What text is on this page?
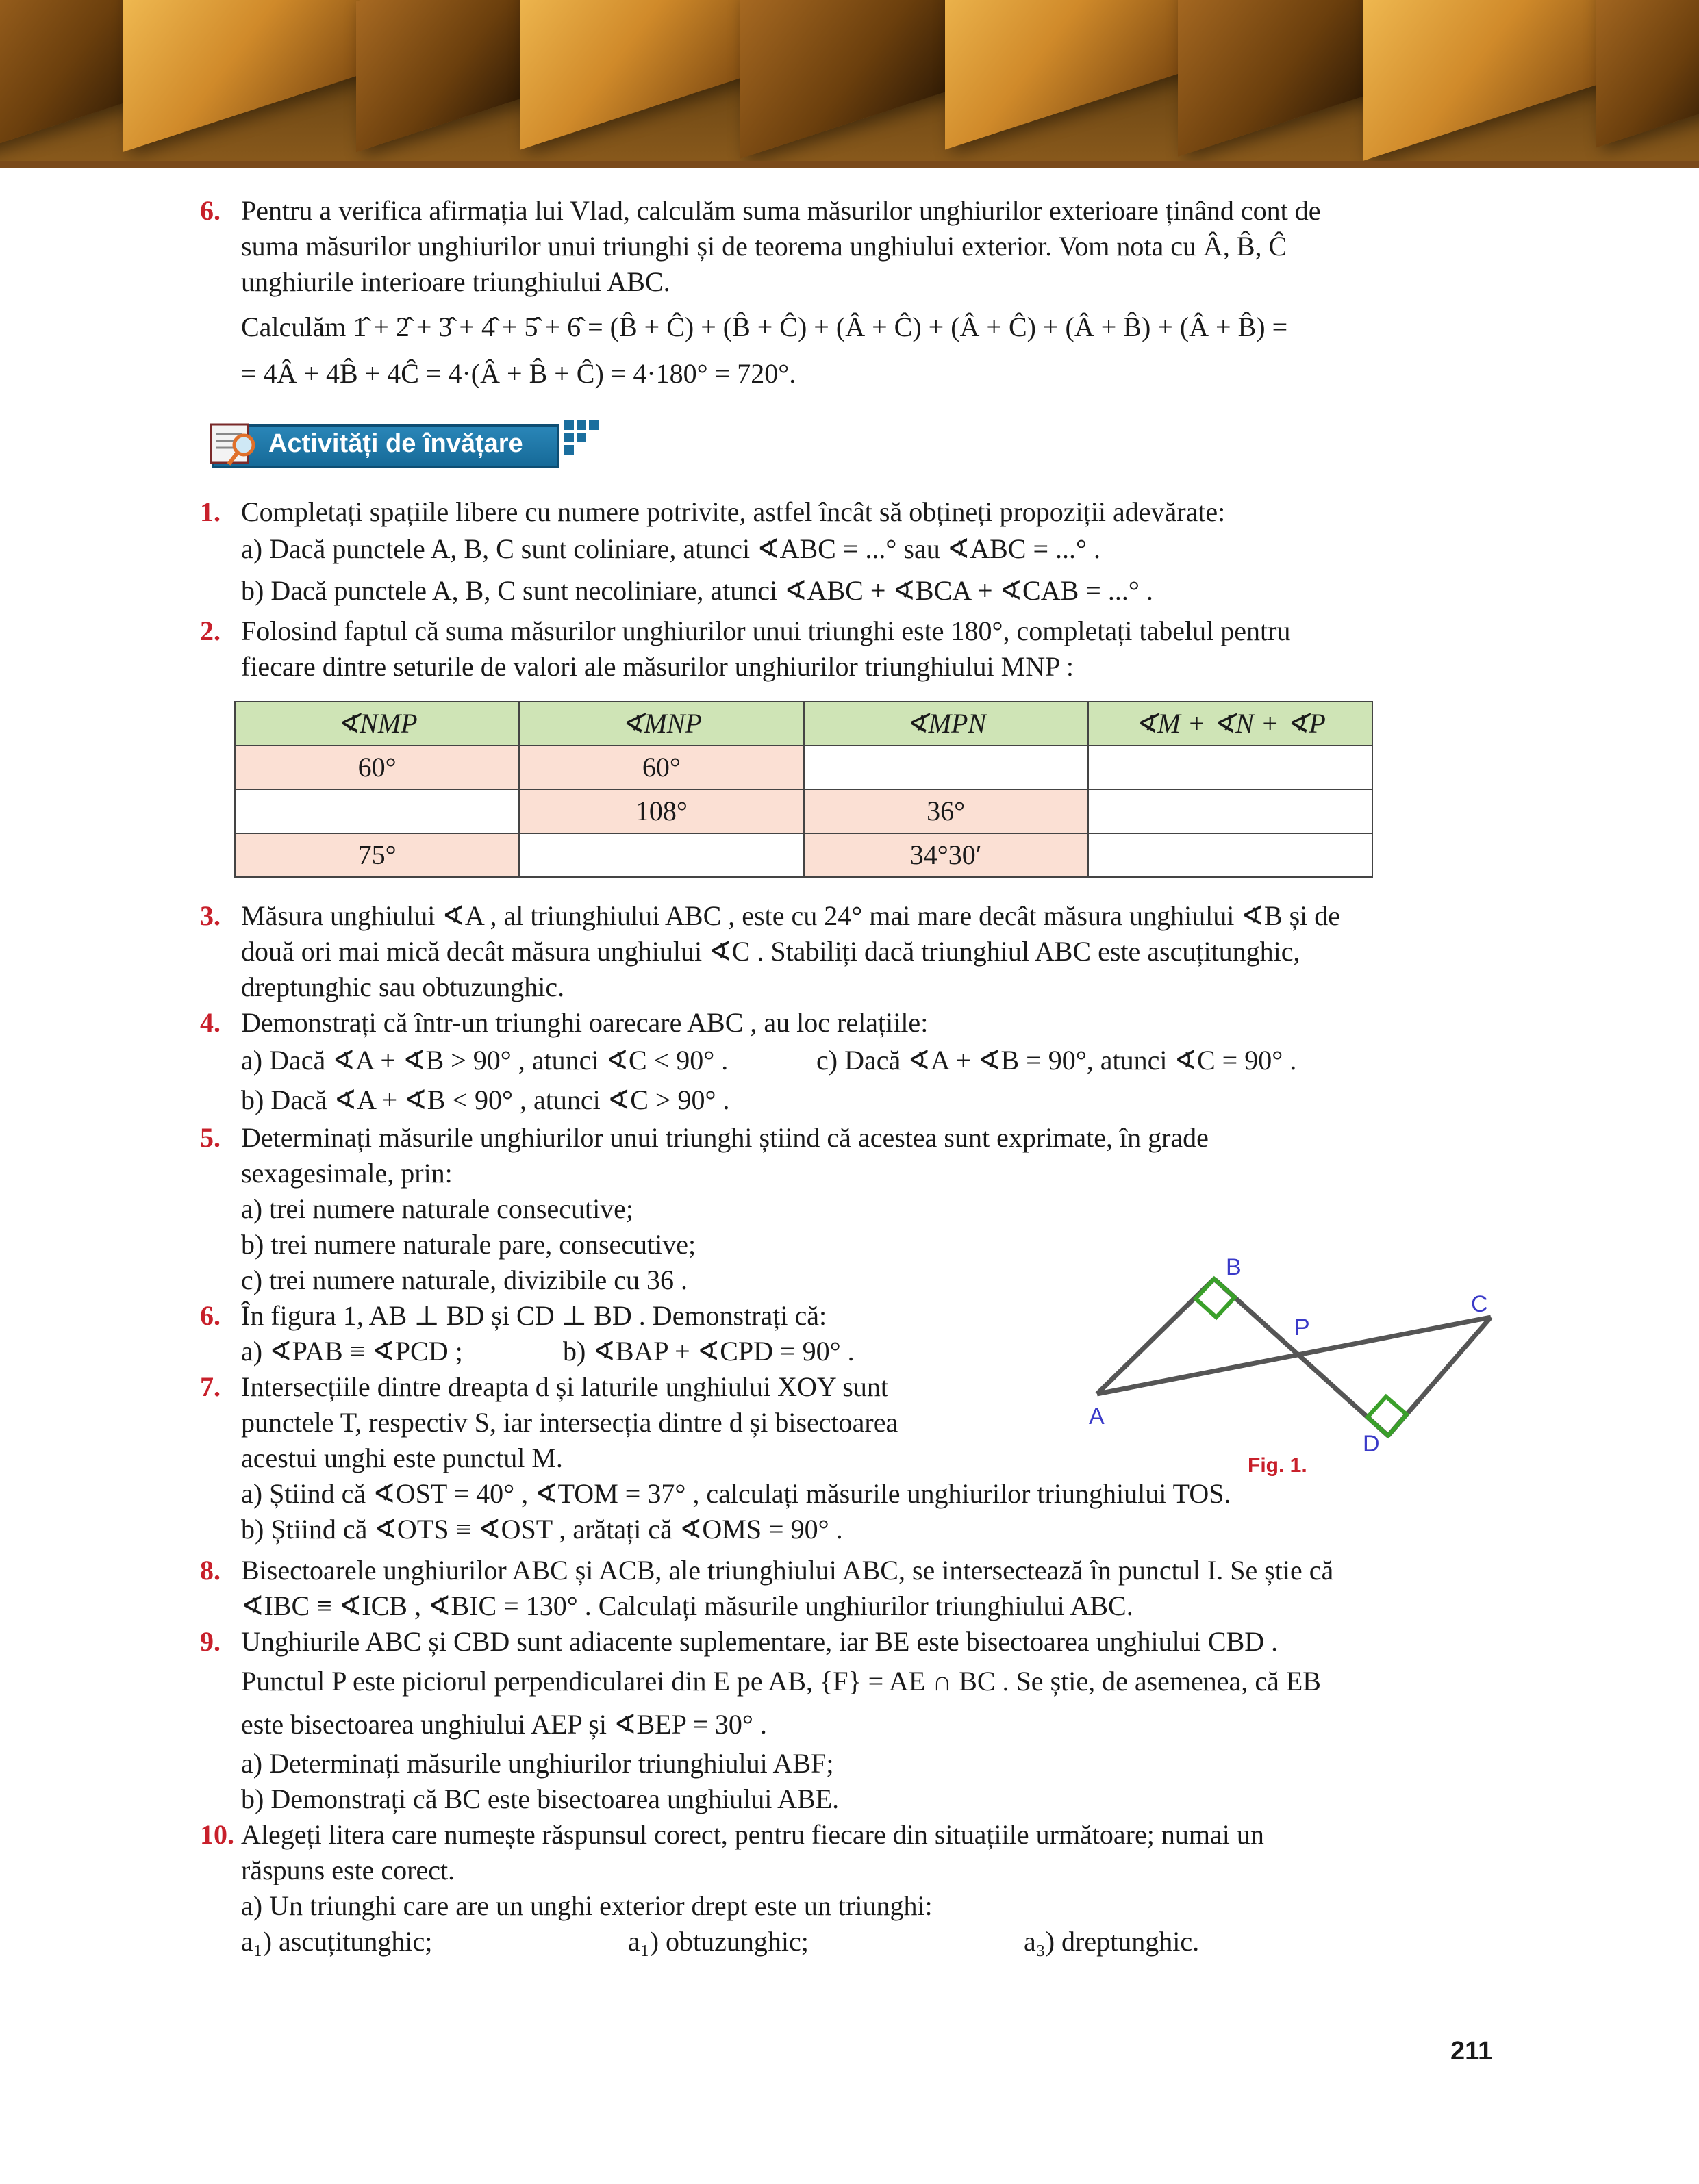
6. Pentru a verifica afirmația lui Vlad, calculăm suma măsurilor unghiurilor exterioare ținând cont de
suma măsurilor unghiurilor unui triunghi și de teorema unghiului exterior. Vom nota cu Â, B̂, Ĉ
unghiurile interioare triunghiului ABC.
Calculăm 1̂ + 2̂ + 3̂ + 4̂ + 5̂ + 6̂ = (B̂ + Ĉ) + (B̂ + Ĉ) + (Â + Ĉ) + (Â + Ĉ) + (Â + B̂) + (Â + B̂) =
= 4Â + 4B̂ + 4Ĉ = 4·(Â + B̂ + Ĉ) = 4·180° = 720°.
Activități de învățare
1. Completați spațiile libere cu numere potrivite, astfel încât să obțineți propoziții adevărate:
a) Dacă punctele A, B, C sunt coliniare, atunci ∢ABC = ...° sau ∢ABC = ...° .
b) Dacă punctele A, B, C sunt necoliniare, atunci ∢ABC + ∢BCA + ∢CAB = ...° .
2. Folosind faptul că suma măsurilor unghiurilor unui triunghi este 180°, completați tabelul pentru
fiecare dintre seturile de valori ale măsurilor unghiurilor triunghiului MNP :
∢NMP	∢MNP	∢MPN	∢M + ∢N + ∢P
60°	60°		
	108°	36°	
75°		34°30′	
3. Măsura unghiului ∢A , al triunghiului ABC , este cu 24° mai mare decât măsura unghiului ∢B și de
două ori mai mică decât măsura unghiului ∢C . Stabiliți dacă triunghiul ABC este ascuțitunghic,
dreptunghic sau obtuzunghic.
4. Demonstrați că într-un triunghi oarecare ABC , au loc relațiile:
a) Dacă ∢A + ∢B > 90° , atunci ∢C < 90° .	c) Dacă ∢A + ∢B = 90°, atunci ∢C = 90° .
b) Dacă ∢A + ∢B < 90° , atunci ∢C > 90° .
5. Determinați măsurile unghiurilor unui triunghi știind că acestea sunt exprimate, în grade
sexagesimale, prin:
a) trei numere naturale consecutive;
b) trei numere naturale pare, consecutive;
c) trei numere naturale, divizibile cu 36 .
6. În figura 1, AB ⊥ BD și CD ⊥ BD . Demonstrați că:
a) ∢PAB ≡ ∢PCD ;	b) ∢BAP + ∢CPD = 90° .
7. Intersecțiile dintre dreapta d și laturile unghiului XOY sunt
punctele T, respectiv S, iar intersecția dintre d și bisectoarea
acestui unghi este punctul M.
a) Știind că ∢OST = 40° , ∢TOM = 37° , calculați măsurile unghiurilor triunghiului TOS.
b) Știind că ∢OTS ≡ ∢OST , arătați că ∢OMS = 90° .
8. Bisectoarele unghiurilor ABC și ACB, ale triunghiului ABC, se intersectează în punctul I. Se știe că
∢IBC ≡ ∢ICB , ∢BIC = 130° . Calculați măsurile unghiurilor triunghiului ABC.
9. Unghiurile ABC și CBD sunt adiacente suplementare, iar BE este bisectoarea unghiului CBD .
Punctul P este piciorul perpendicularei din E pe AB, {F} = AE ∩ BC . Se știe, de asemenea, că EB
este bisectoarea unghiului AEP și ∢BEP = 30° .
a) Determinați măsurile unghiurilor triunghiului ABF;
b) Demonstrați că BC este bisectoarea unghiului ABE.
10. Alegeți litera care numește răspunsul corect, pentru fiecare din situațiile următoare; numai un
răspuns este corect.
a) Un triunghi care are un unghi exterior drept este un triunghi:
a₁) ascuțitunghic;	a₁) obtuzunghic;	a₃) dreptunghic.
A
B
P
C
D
Fig. 1.
211
